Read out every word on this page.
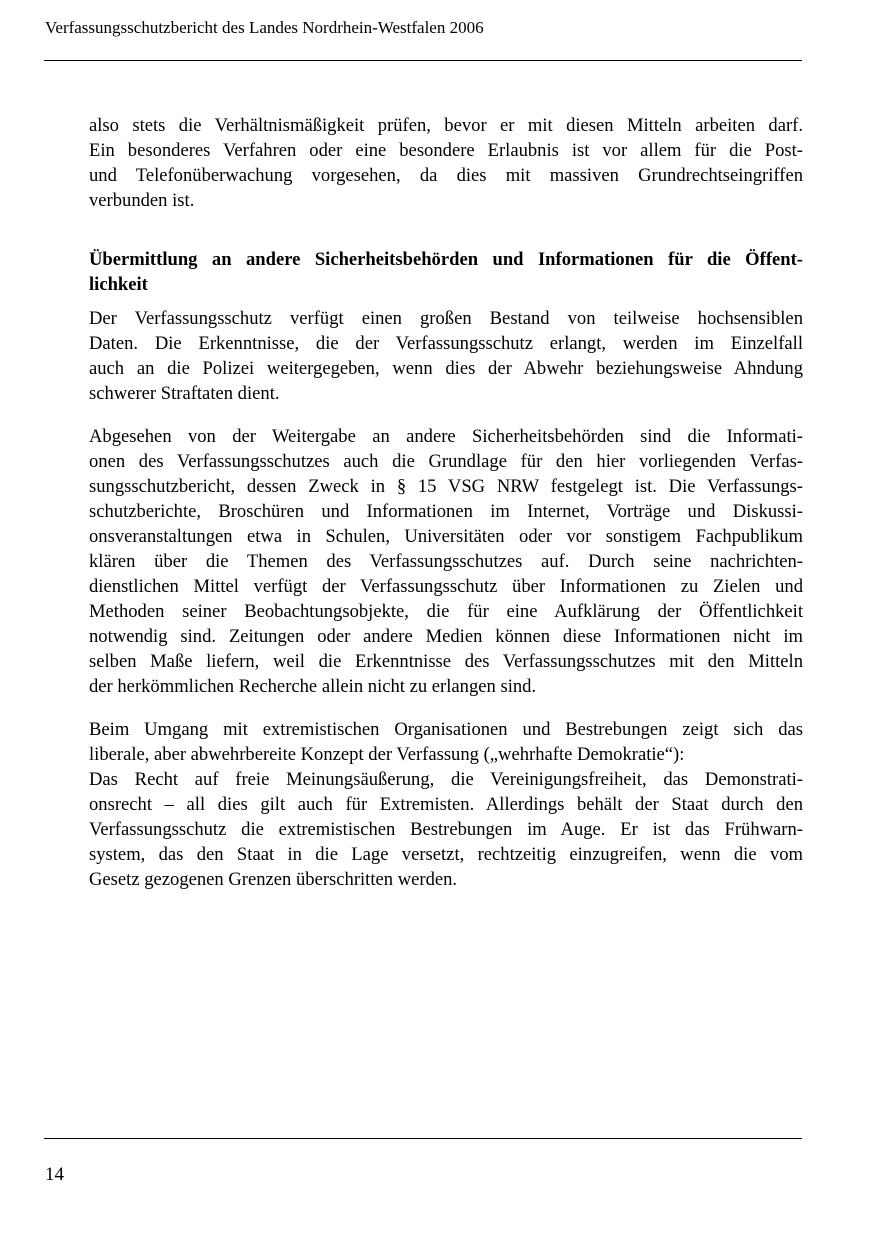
Verfassungsschutzbericht des Landes Nordrhein-Westfalen 2006
also stets die Verhältnismäßigkeit prüfen, bevor er mit diesen Mitteln arbeiten darf.
Ein besonderes Verfahren oder eine besondere Erlaubnis ist vor allem für die Post-
und Telefonüberwachung vorgesehen, da dies mit massiven Grundrechtseingriffen
verbunden ist.
Übermittlung an andere Sicherheitsbehörden und Informationen für die Öffent-
lichkeit
Der Verfassungsschutz verfügt einen großen Bestand von teilweise hochsensiblen
Daten. Die Erkenntnisse, die der Verfassungsschutz erlangt, werden im Einzelfall
auch an die Polizei weitergegeben, wenn dies der Abwehr beziehungsweise Ahndung
schwerer Straftaten dient.
Abgesehen von der Weitergabe an andere Sicherheitsbehörden sind die Informati-
onen des Verfassungsschutzes auch die Grundlage für den hier vorliegenden Verfas-
sungsschutzbericht, dessen Zweck in § 15 VSG NRW festgelegt ist. Die Verfassungs-
schutzberichte, Broschüren und Informationen im Internet, Vorträge und Diskussi-
onsveranstaltungen etwa in Schulen, Universitäten oder vor sonstigem Fachpublikum
klären über die Themen des Verfassungsschutzes auf. Durch seine nachrichten-
dienstlichen Mittel verfügt der Verfassungsschutz über Informationen zu Zielen und
Methoden seiner Beobachtungsobjekte, die für eine Aufklärung der Öffentlichkeit
notwendig sind. Zeitungen oder andere Medien können diese Informationen nicht im
selben Maße liefern, weil die Erkenntnisse des Verfassungsschutzes mit den Mitteln
der herkömmlichen Recherche allein nicht zu erlangen sind.
Beim Umgang mit extremistischen Organisationen und Bestrebungen zeigt sich das
liberale, aber abwehrbereite Konzept der Verfassung („wehrhafte Demokratie“):
Das Recht auf freie Meinungsäußerung, die Vereinigungsfreiheit, das Demonstrati-
onsrecht – all dies gilt auch für Extremisten. Allerdings behält der Staat durch den
Verfassungsschutz die extremistischen Bestrebungen im Auge. Er ist das Frühwarn-
system, das den Staat in die Lage versetzt, rechtzeitig einzugreifen, wenn die vom
Gesetz gezogenen Grenzen überschritten werden.
14
